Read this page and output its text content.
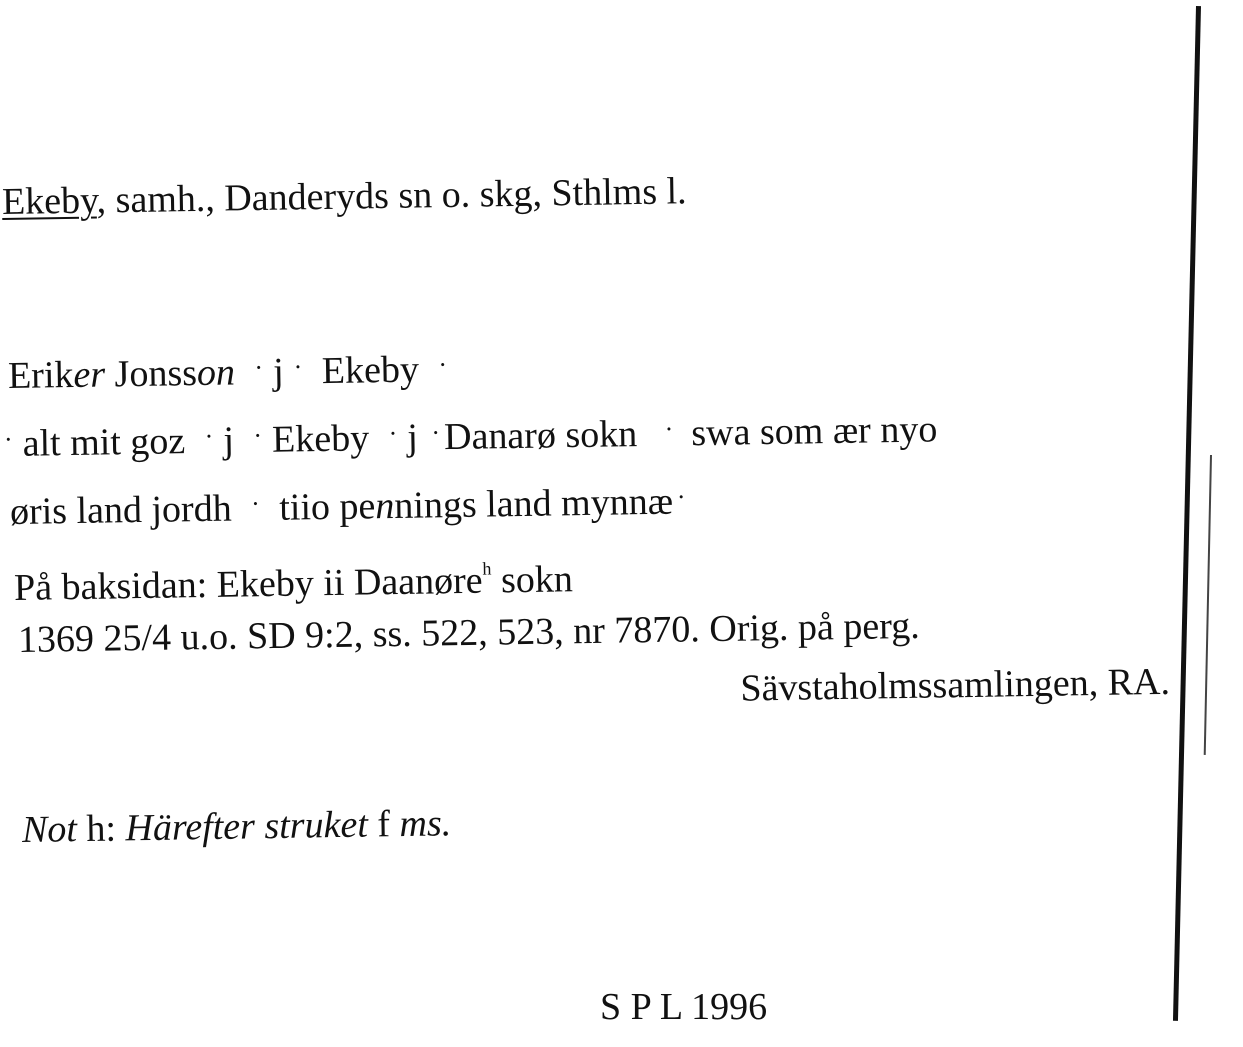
Ekeby, samh., Danderyds sn o. skg, Sthlms l.
Eriker Jonsson · j · Ekeby ·
· alt mit goz · j · Ekeby · j ·Danarø sokn · swa som ær nyo
øris land jordh · tiio pennings land mynnæ ·
På baksidan: Ekeby ii Daanøre$^h$ sokn
1369 25/4 u.o. SD 9:2, ss. 522, 523, nr 7870. Orig. på perg.
Sävstaholmssamlingen, RA.
Not h: Härefter struket f ms.
S P L 1996
